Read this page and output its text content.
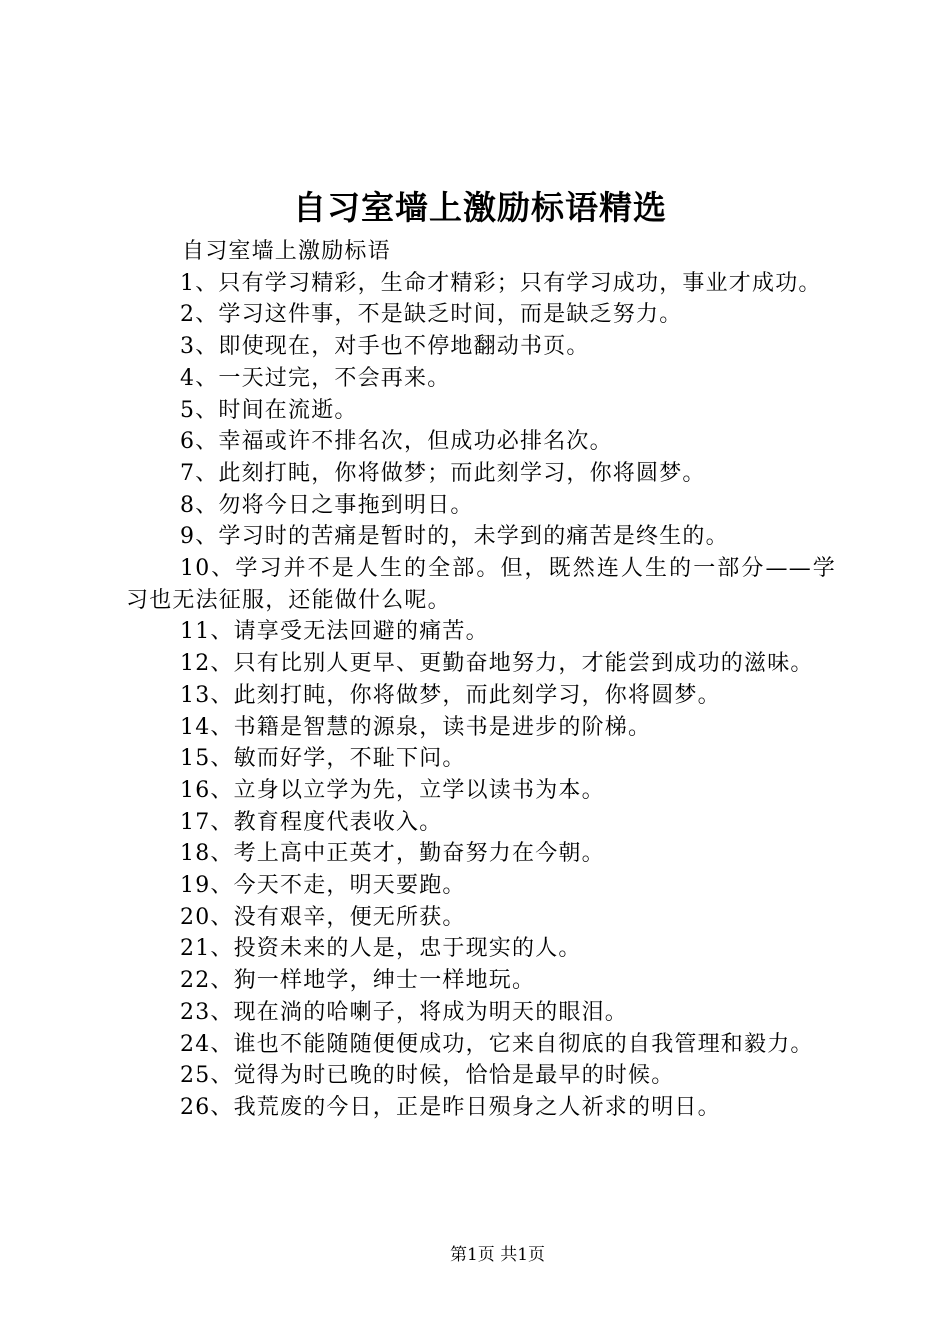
自习室墙上激励标语精选

自习室墙上激励标语

1、只有学习精彩，生命才精彩；只有学习成功，事业才成功。

2、学习这件事，不是缺乏时间，而是缺乏努力。

3、即使现在，对手也不停地翻动书页。

4、一天过完，不会再来。

5、时间在流逝。

6、幸福或许不排名次，但成功必排名次。

7、此刻打盹，你将做梦；而此刻学习，你将圆梦。

8、勿将今日之事拖到明日。

9、学习时的苦痛是暂时的，未学到的痛苦是终生的。

10、学习并不是人生的全部。但，既然连人生的一部分——学习也无法征服，还能做什么呢。

11、请享受无法回避的痛苦。

12、只有比别人更早、更勤奋地努力，才能尝到成功的滋味。

13、此刻打盹，你将做梦，而此刻学习，你将圆梦。

14、书籍是智慧的源泉，读书是进步的阶梯。

15、敏而好学，不耻下问。

16、立身以立学为先，立学以读书为本。

17、教育程度代表收入。

18、考上高中正英才，勤奋努力在今朝。

19、今天不走，明天要跑。

20、没有艰辛，便无所获。

21、投资未来的人是，忠于现实的人。

22、狗一样地学，绅士一样地玩。

23、现在淌的哈喇子，将成为明天的眼泪。

24、谁也不能随随便便成功，它来自彻底的自我管理和毅力。

25、觉得为时已晚的时候，恰恰是最早的时候。

26、我荒废的今日，正是昨日殒身之人祈求的明日。

第1页 共1页
